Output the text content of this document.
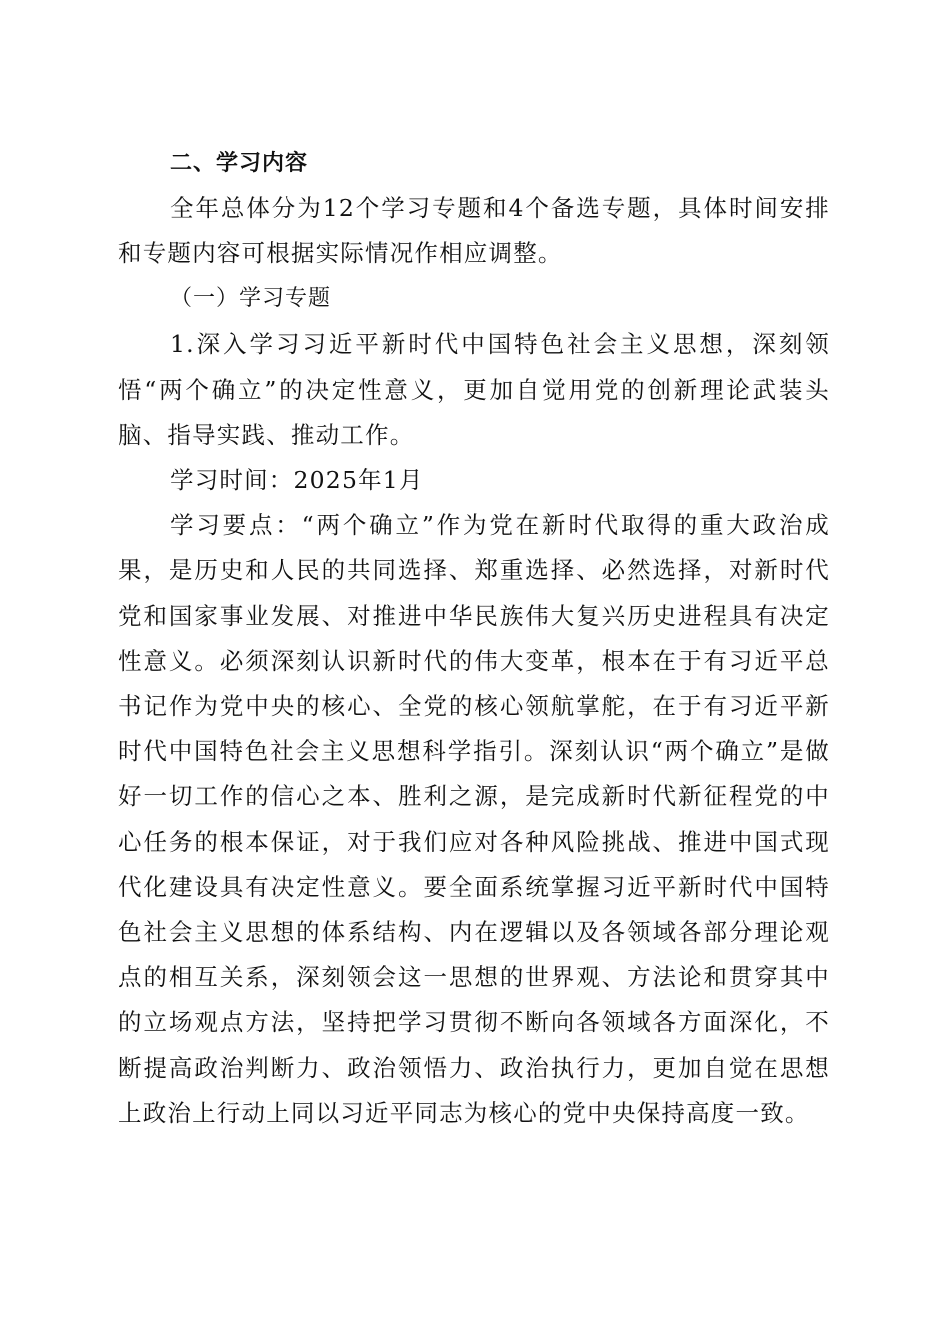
二、学习内容

全年总体分为12个学习专题和4个备选专题，具体时间安排和专题内容可根据实际情况作相应调整。

（一）学习专题

1.深入学习习近平新时代中国特色社会主义思想，深刻领悟“两个确立”的决定性意义，更加自觉用党的创新理论武装头脑、指导实践、推动工作。

学习时间：2025年1月

学习要点：“两个确立”作为党在新时代取得的重大政治成果，是历史和人民的共同选择、郑重选择、必然选择，对新时代党和国家事业发展、对推进中华民族伟大复兴历史进程具有决定性意义。必须深刻认识新时代的伟大变革，根本在于有习近平总书记作为党中央的核心、全党的核心领航掌舵，在于有习近平新时代中国特色社会主义思想科学指引。深刻认识“两个确立”是做好一切工作的信心之本、胜利之源，是完成新时代新征程党的中心任务的根本保证，对于我们应对各种风险挑战、推进中国式现代化建设具有决定性意义。要全面系统掌握习近平新时代中国特色社会主义思想的体系结构、内在逻辑以及各领域各部分理论观点的相互关系，深刻领会这一思想的世界观、方法论和贯穿其中的立场观点方法，坚持把学习贯彻不断向各领域各方面深化，不断提高政治判断力、政治领悟力、政治执行力，更加自觉在思想上政治上行动上同以习近平同志为核心的党中央保持高度一致。
